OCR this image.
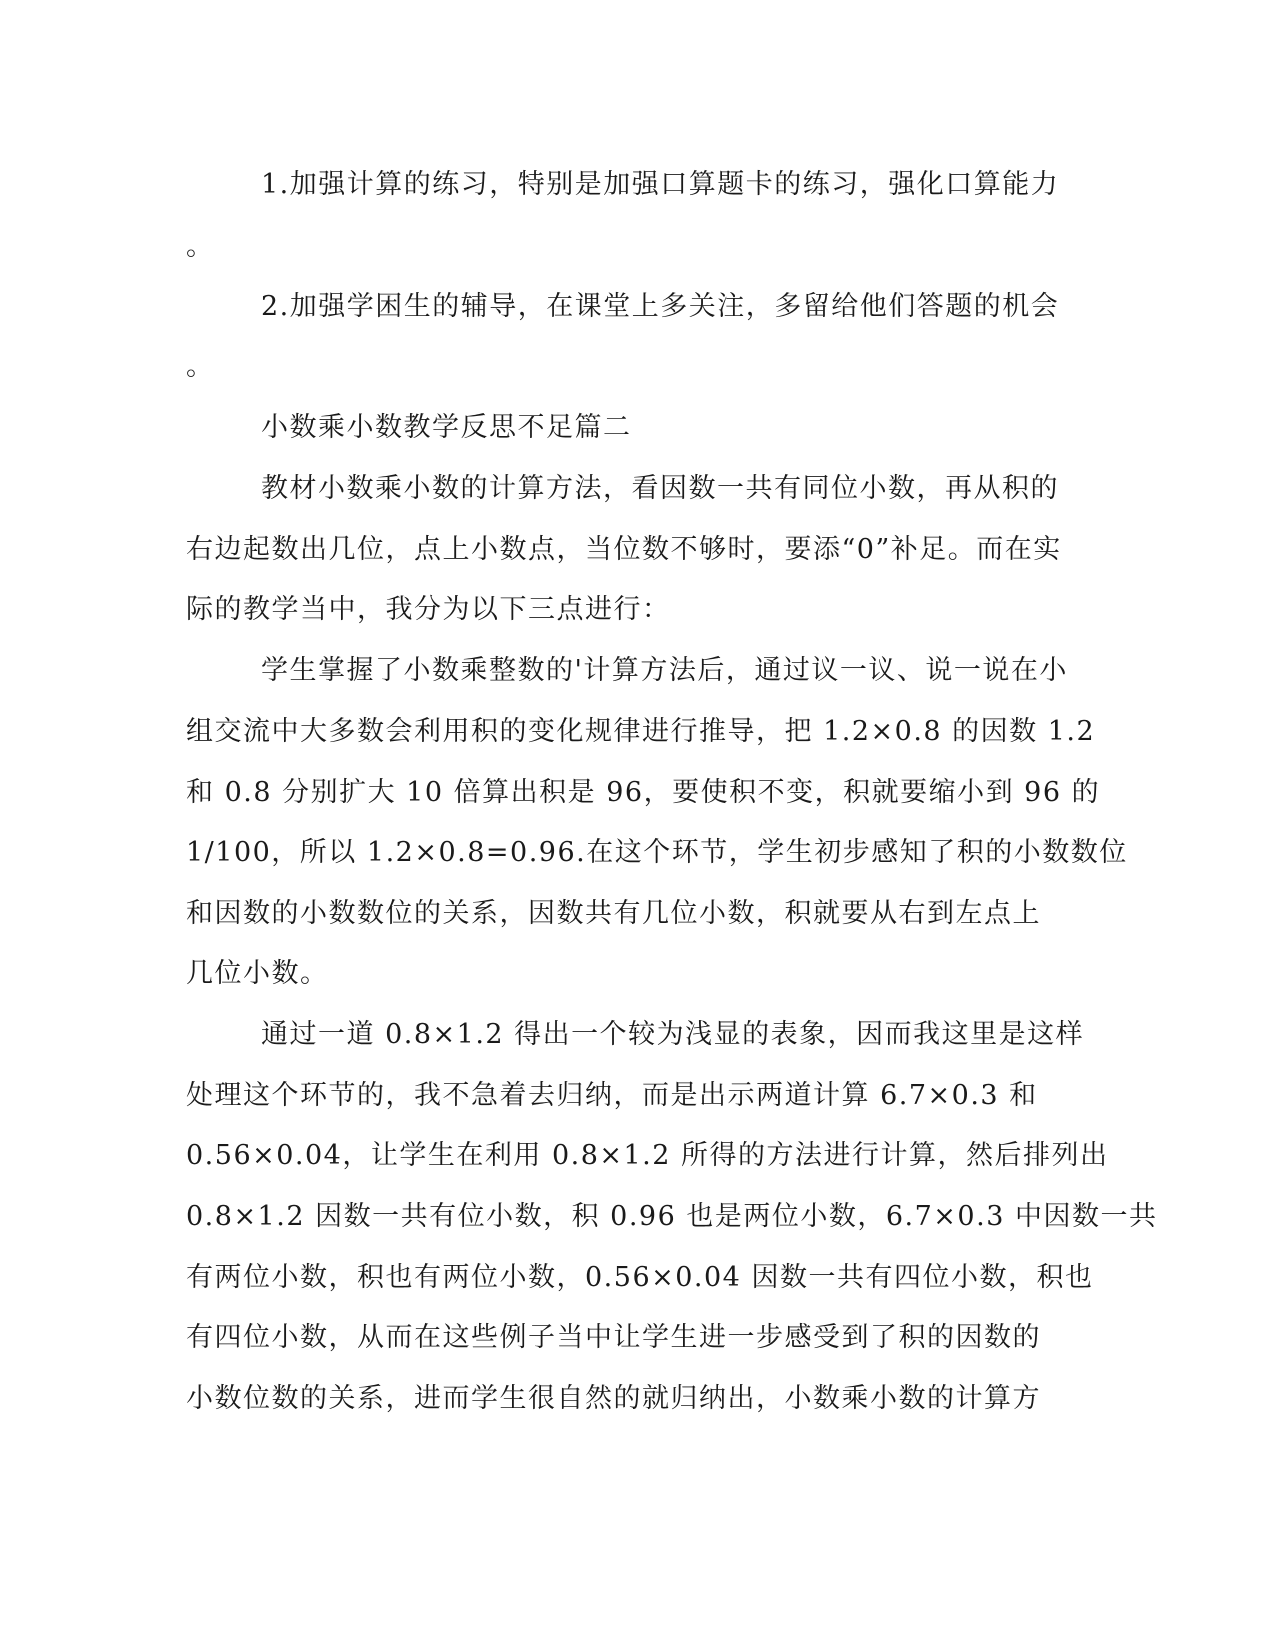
1.加强计算的练习，特别是加强口算题卡的练习，强化口算能力
。
2.加强学困生的辅导，在课堂上多关注，多留给他们答题的机会
。
小数乘小数教学反思不足篇二
教材小数乘小数的计算方法，看因数一共有同位小数，再从积的
右边起数出几位，点上小数点，当位数不够时，要添“0”补足。而在实
际的教学当中，我分为以下三点进行：
学生掌握了小数乘整数的'计算方法后，通过议一议、说一说在小
组交流中大多数会利用积的变化规律进行推导，把 1.2×0.8 的因数 1.2
和 0.8 分别扩大 10 倍算出积是 96，要使积不变，积就要缩小到 96 的
1/100，所以 1.2×0.8=0.96.在这个环节，学生初步感知了积的小数数位
和因数的小数数位的关系，因数共有几位小数，积就要从右到左点上
几位小数。
通过一道 0.8×1.2 得出一个较为浅显的表象，因而我这里是这样
处理这个环节的，我不急着去归纳，而是出示两道计算 6.7×0.3 和
0.56×0.04，让学生在利用 0.8×1.2 所得的方法进行计算，然后排列出
0.8×1.2 因数一共有位小数，积 0.96 也是两位小数，6.7×0.3 中因数一共
有两位小数，积也有两位小数，0.56×0.04 因数一共有四位小数，积也
有四位小数，从而在这些例子当中让学生进一步感受到了积的因数的
小数位数的关系，进而学生很自然的就归纳出，小数乘小数的计算方
